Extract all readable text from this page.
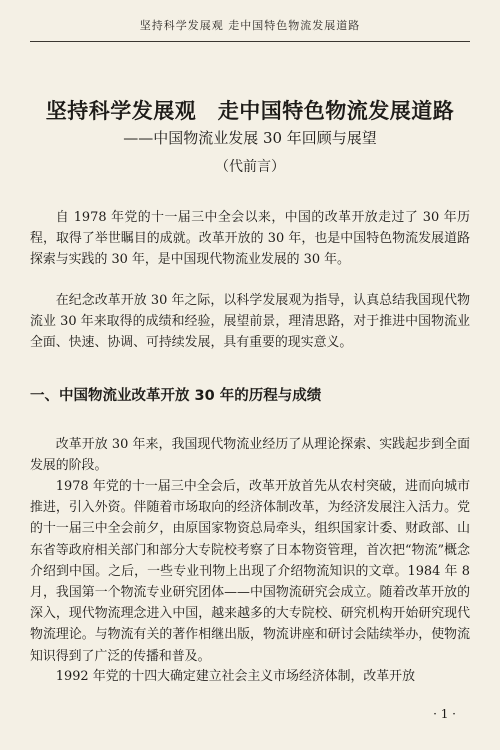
坚持科学发展观 走中国特色物流发展道路
坚持科学发展观　走中国特色物流发展道路
——中国物流业发展 30 年回顾与展望
（代前言）

自 1978 年党的十一届三中全会以来，中国的改革开放走过了 30 年历程，取得了举世瞩目的成就。改革开放的 30 年，也是中国特色物流发展道路探索与实践的 30 年，是中国现代物流业发展的 30 年。

在纪念改革开放 30 年之际，以科学发展观为指导，认真总结我国现代物流业 30 年来取得的成绩和经验，展望前景，理清思路，对于推进中国物流业全面、快速、协调、可持续发展，具有重要的现实意义。

一、中国物流业改革开放 30 年的历程与成绩

改革开放 30 年来，我国现代物流业经历了从理论探索、实践起步到全面发展的阶段。

1978 年党的十一届三中全会后，改革开放首先从农村突破，进而向城市推进，引入外资。伴随着市场取向的经济体制改革，为经济发展注入活力。党的十一届三中全会前夕，由原国家物资总局牵头，组织国家计委、财政部、山东省等政府相关部门和部分大专院校考察了日本物资管理，首次把“物流”概念介绍到中国。之后，一些专业刊物上出现了介绍物流知识的文章。1984 年 8 月，我国第一个物流专业研究团体——中国物流研究会成立。随着改革开放的深入，现代物流理念进入中国，越来越多的大专院校、研究机构开始研究现代物流理论。与物流有关的著作相继出版，物流讲座和研讨会陆续举办，使物流知识得到了广泛的传播和普及。

1992 年党的十四大确定建立社会主义市场经济体制，改革开放

· 1 ·
